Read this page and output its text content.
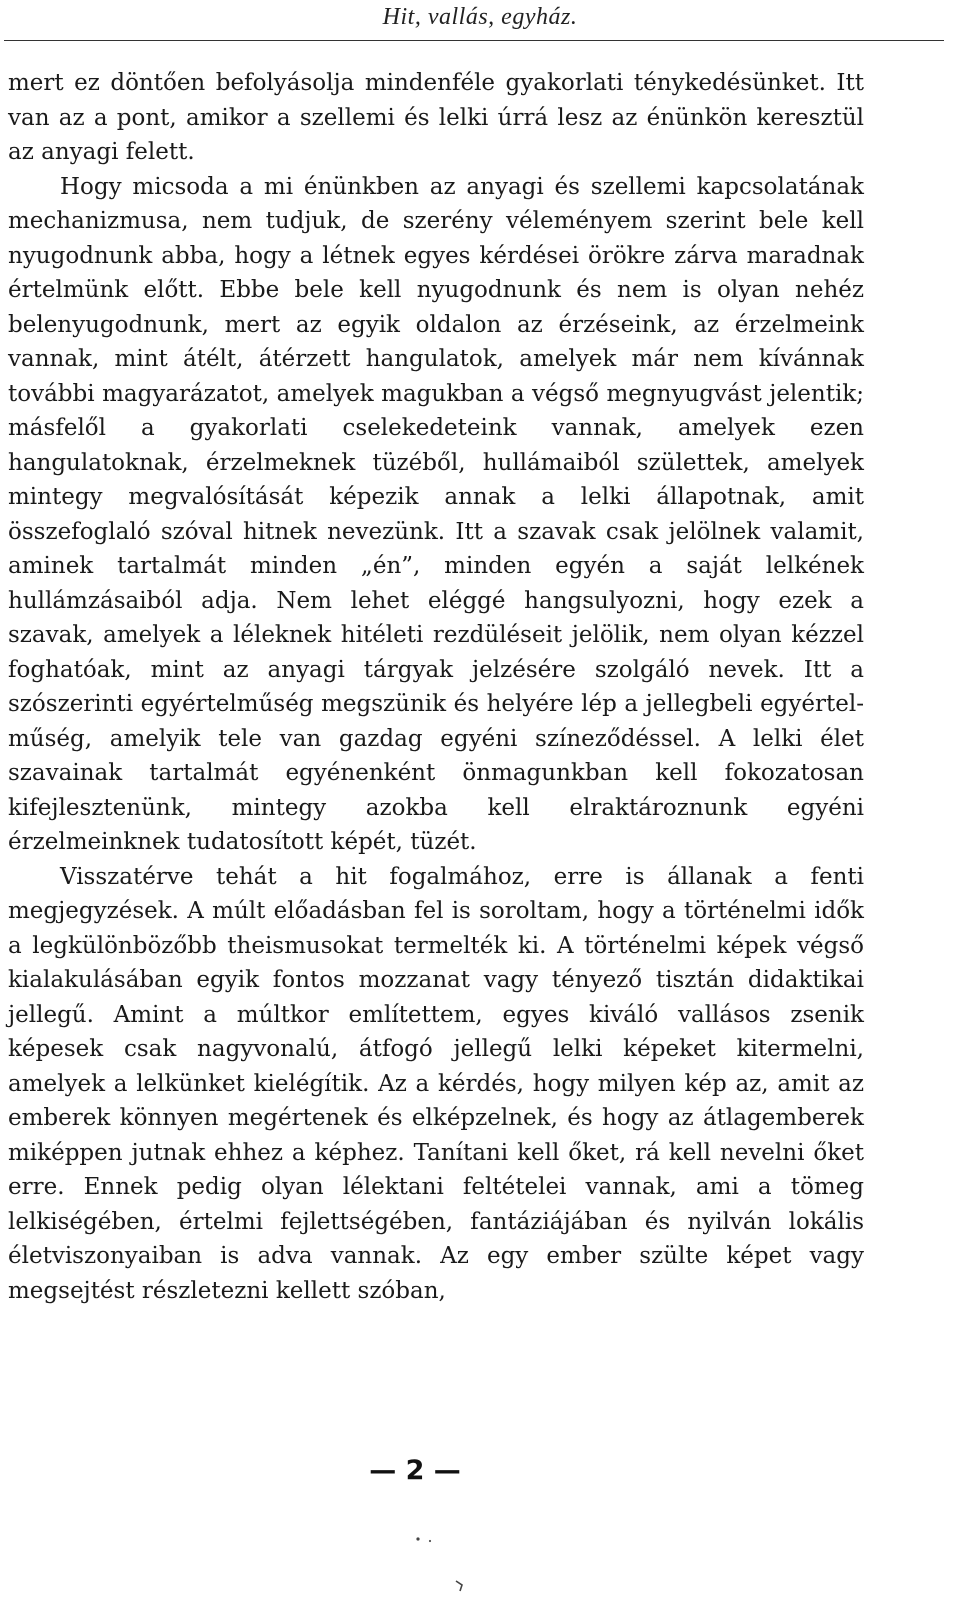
Hit, vallás, egyház.

mert ez döntően befolyásolja mindenféle gyakorlati ténykedésünket. Itt van az a pont, amikor a szellemi és lelki úrrá lesz az énünkön keresztül az anyagi felett.

Hogy micsoda a mi énünkben az anyagi és szellemi kapcsolatának mechanizmusa, nem tudjuk, de szerény véleményem szerint bele kell nyugodnunk abba, hogy a létnek egyes kérdései örökre zárva maradnak értelmünk előtt. Ebbe bele kell nyugodnunk és nem is olyan nehéz belenyugodnunk, mert az egyik oldalon az érzéseink, az érzelmeink vannak, mint átélt, átérzett hangulatok, amelyek már nem kívánnak további magyarázatot, amelyek magukban a végső megnyugvást jelentik; másfelől a gyakorlati cselekedeteink vannak, amelyek ezen hangulatoknak, érzelmeknek tüzéből, hullámaiból születtek, amelyek mintegy megvalósítását képezik annak a lelki állapotnak, amit összefoglaló szóval hitnek nevezünk. Itt a szavak csak jelölnek valamit, aminek tartalmát minden „én”, minden egyén a saját lelkének hullámzásaiból adja. Nem lehet eléggé hangsulyozni, hogy ezek a szavak, amelyek a léleknek hitéleti rezdüléseit jelölik, nem olyan kézzel foghatóak, mint az anyagi tárgyak jelzésére szolgáló nevek. Itt a szószerinti egyértelműség megszünik és helyére lép a jellegbeli egyértelműség, amelyik tele van gazdag egyéni színeződéssel. A lelki élet szavainak tartalmát egyénenként önmagunkban kell fokozatosan kifejlesztenünk, mintegy azokba kell elraktároznunk egyéni érzelmeinknek tudatosított képét, tüzét.

Visszatérve tehát a hit fogalmához, erre is állanak a fenti megjegyzések. A múlt előadásban fel is soroltam, hogy a történelmi idők a legkülönbözőbb theismusokat termelték ki. A történelmi képek végső kialakulásában egyik fontos mozzanat vagy tényező tisztán didaktikai jellegű. Amint a múltkor említettem, egyes kiváló vallásos zsenik képesek csak nagyvonalú, átfogó jellegű lelki képeket kitermelni, amelyek a lelkünket kielégítik. Az a kérdés, hogy milyen kép az, amit az emberek könnyen megértenek és elképzelnek, és hogy az átlagemberek miképpen jutnak ehhez a képhez. Tanítani kell őket, rá kell nevelni őket erre. Ennek pedig olyan lélektani feltételei vannak, ami a tömeg lelkiségében, értelmi fejlettségében, fantáziájában és nyilván lokális életviszonyaiban is adva vannak. Az egy ember szülte képet vagy megsejtést részletezni kellett szóban,

— 2 —
